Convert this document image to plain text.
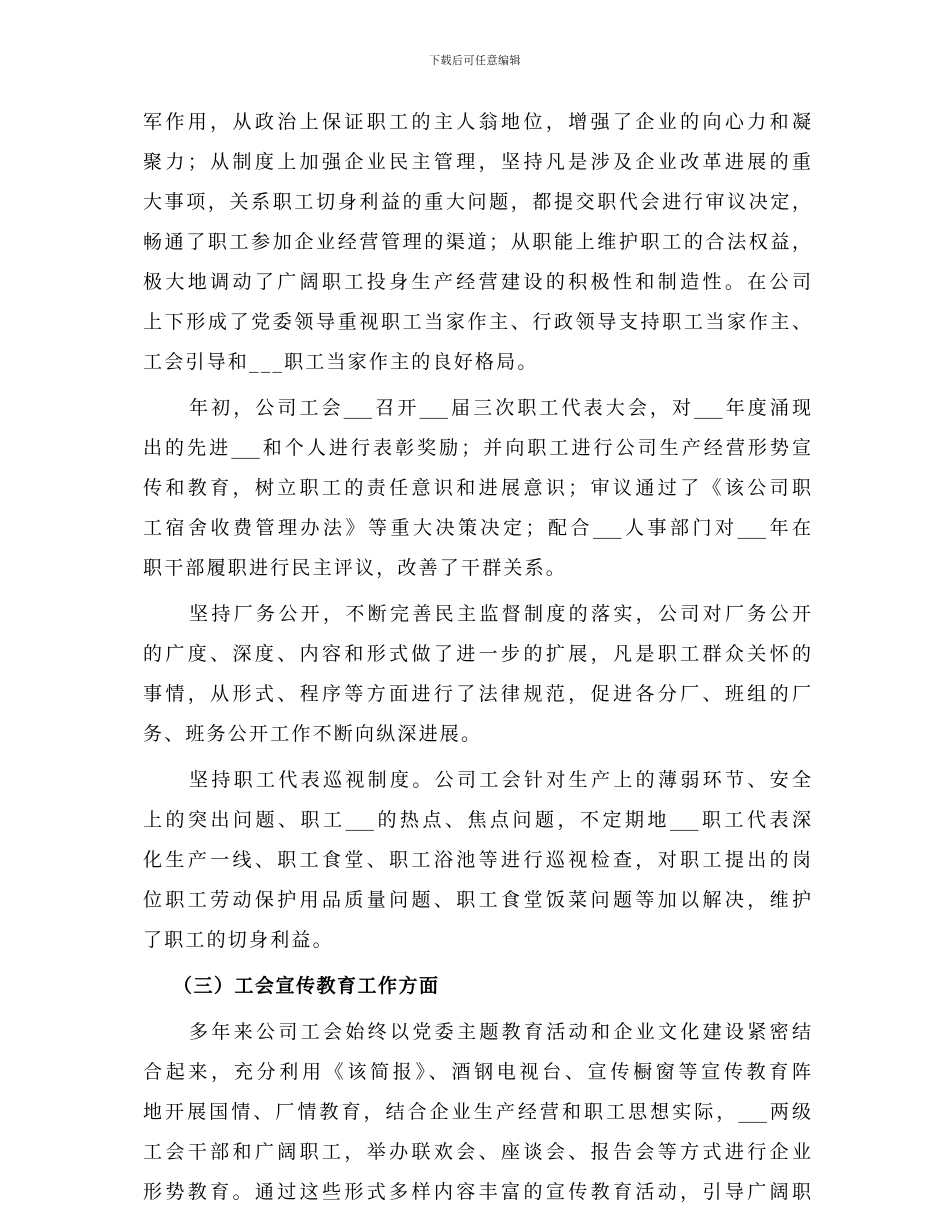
下载后可任意编辑
军作用，从政治上保证职工的主人翁地位，增强了企业的向心力和凝
聚力；从制度上加强企业民主管理，坚持凡是涉及企业改革进展的重
大事项，关系职工切身利益的重大问题，都提交职代会进行审议决定，
畅通了职工参加企业经营管理的渠道；从职能上维护职工的合法权益，
极大地调动了广阔职工投身生产经营建设的积极性和制造性。在公司
上下形成了党委领导重视职工当家作主、行政领导支持职工当家作主、
工会引导和___职工当家作主的良好格局。
年初，公司工会___召开___届三次职工代表大会，对___年度涌现
出的先进___和个人进行表彰奖励；并向职工进行公司生产经营形势宣
传和教育，树立职工的责任意识和进展意识；审议通过了《该公司职
工宿舍收费管理办法》等重大决策决定；配合___人事部门对___年在
职干部履职进行民主评议，改善了干群关系。
坚持厂务公开，不断完善民主监督制度的落实，公司对厂务公开
的广度、深度、内容和形式做了进一步的扩展，凡是职工群众关怀的
事情，从形式、程序等方面进行了法律规范，促进各分厂、班组的厂
务、班务公开工作不断向纵深进展。
坚持职工代表巡视制度。公司工会针对生产上的薄弱环节、安全
上的突出问题、职工___的热点、焦点问题，不定期地___职工代表深
化生产一线、职工食堂、职工浴池等进行巡视检查，对职工提出的岗
位职工劳动保护用品质量问题、职工食堂饭菜问题等加以解决，维护
了职工的切身利益。
（三）工会宣传教育工作方面
多年来公司工会始终以党委主题教育活动和企业文化建设紧密结
合起来，充分利用《该简报》、酒钢电视台、宣传橱窗等宣传教育阵
地开展国情、厂情教育，结合企业生产经营和职工思想实际，___两级
工会干部和广阔职工，举办联欢会、座谈会、报告会等方式进行企业
形势教育。通过这些形式多样内容丰富的宣传教育活动，引导广阔职
